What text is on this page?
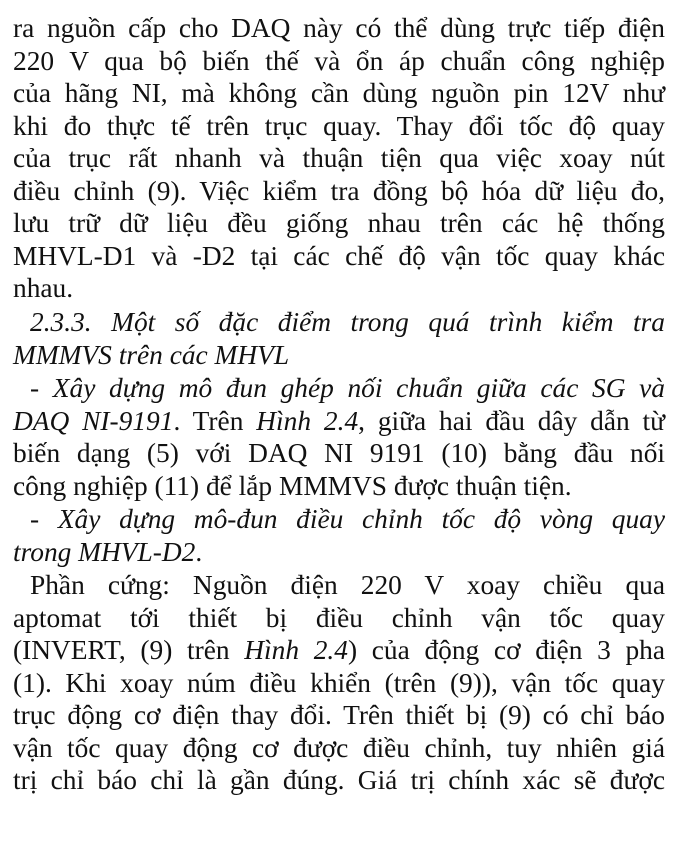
ra nguồn cấp cho DAQ này có thể dùng trực tiếp điện
220 V qua bộ biến thế và ổn áp chuẩn công nghiệp
của hãng NI, mà không cần dùng nguồn pin 12V như
khi đo thực tế trên trục quay. Thay đổi tốc độ quay
của trục rất nhanh và thuận tiện qua việc xoay nút
điều chỉnh (9). Việc kiểm tra đồng bộ hóa dữ liệu đo,
lưu trữ dữ liệu đều giống nhau trên các hệ thống
MHVL-D1 và -D2 tại các chế độ vận tốc quay khác
nhau.
2.3.3. Một số đặc điểm trong quá trình kiểm tra
MMMVS trên các MHVL
- Xây dựng mô đun ghép nối chuẩn giữa các SG và
DAQ NI-9191. Trên Hình 2.4, giữa hai đầu dây dẫn từ
biến dạng (5) với DAQ NI 9191 (10) bằng đầu nối
công nghiệp (11) để lắp MMMVS được thuận tiện.
- Xây dựng mô-đun điều chỉnh tốc độ vòng quay
trong MHVL-D2.
Phần cứng: Nguồn điện 220 V xoay chiều qua
aptomat tới thiết bị điều chỉnh vận tốc quay
(INVERT, (9) trên Hình 2.4) của động cơ điện 3 pha
(1). Khi xoay núm điều khiển (trên (9)), vận tốc quay
trục động cơ điện thay đổi. Trên thiết bị (9) có chỉ báo
vận tốc quay động cơ được điều chỉnh, tuy nhiên giá
trị chỉ báo chỉ là gần đúng. Giá trị chính xác sẽ được
